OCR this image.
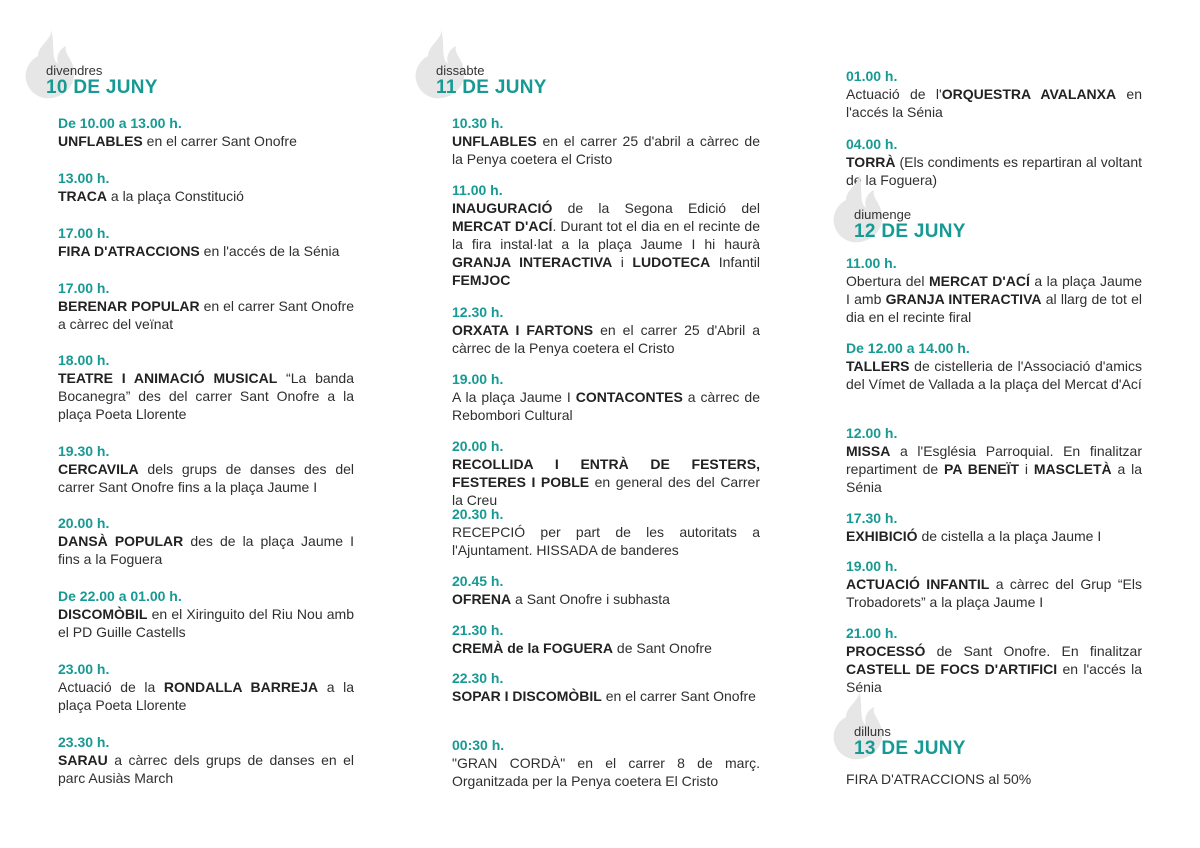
divendres
10 DE JUNY
De 10.00 a 13.00 h.
UNFLABLES en el carrer Sant Onofre
13.00 h.
TRACA a la plaça Constitució
17.00 h.
FIRA D'ATRACCIONS en l'accés de la Sénia
17.00 h.
BERENAR POPULAR en el carrer Sant Onofre a càrrec del veïnat
18.00 h.
TEATRE I ANIMACIÓ MUSICAL “La banda Bocanegra” des del carrer Sant Onofre a la plaça Poeta Llorente
19.30 h.
CERCAVILA dels grups de danses des del carrer Sant Onofre fins a la plaça Jaume I
20.00 h.
DANSÀ POPULAR des de la plaça Jaume I fins a la Foguera
De 22.00 a 01.00 h.
DISCOMÒBIL en el Xiringuito del Riu Nou amb el PD Guille Castells
23.00 h.
Actuació de la RONDALLA BARREJA a la plaça Poeta Llorente
23.30 h.
SARAU a càrrec dels grups de danses en el parc Ausiàs March
dissabte
11 DE JUNY
10.30 h.
UNFLABLES en el carrer 25 d'abril a càrrec de la Penya coetera el Cristo
11.00 h.
INAUGURACIÓ de la Segona Edició del MERCAT D'ACÍ. Durant tot el dia en el recinte de la fira instal·lat a la plaça Jaume I hi haurà GRANJA INTERACTIVA i LUDOTECA Infantil FEMJOC
12.30 h.
ORXATA I FARTONS en el carrer 25 d'Abril a càrrec de la Penya coetera el Cristo
19.00 h.
A la plaça Jaume I CONTACONTES a càrrec de Rebombori Cultural
20.00 h.
RECOLLIDA I ENTRÀ DE FESTERS, FESTERES I POBLE en general des del Carrer la Creu
20.30 h.
RECEPCIÓ per part de les autoritats a l'Ajuntament. HISSADA de banderes
20.45 h.
OFRENA a Sant Onofre i subhasta
21.30 h.
CREMÀ de la FOGUERA de Sant Onofre
22.30 h.
SOPAR I DISCOMÒBIL en el carrer Sant Onofre
00:30 h.
"GRAN CORDÀ" en el carrer 8 de març. Organitzada per la Penya coetera El Cristo
01.00 h.
Actuació de l'ORQUESTRA AVALANXA en l'accés la Sénia
04.00 h.
TORRÀ (Els condiments es repartiran al voltant de la Foguera)
diumenge
12 DE JUNY
11.00 h.
Obertura del MERCAT D'ACÍ a la plaça Jaume I amb GRANJA INTERACTIVA al llarg de tot el dia en el recinte firal
De 12.00 a 14.00 h.
TALLERS de cistelleria de l'Associació d'amics del Vímet de Vallada a la plaça del Mercat d'Ací
12.00 h.
MISSA a l'Església Parroquial. En finalitzar repartiment de PA BENEÏT i MASCLETÀ a la Sénia
17.30 h.
EXHIBICIÓ de cistella a la plaça Jaume I
19.00 h.
ACTUACIÓ INFANTIL a càrrec del Grup “Els Trobadorets” a la plaça Jaume I
21.00 h.
PROCESSÓ de Sant Onofre. En finalitzar CASTELL DE FOCS D'ARTIFICI en l'accés la Sénia
dilluns
13 DE JUNY
FIRA D'ATRACCIONS al 50%
